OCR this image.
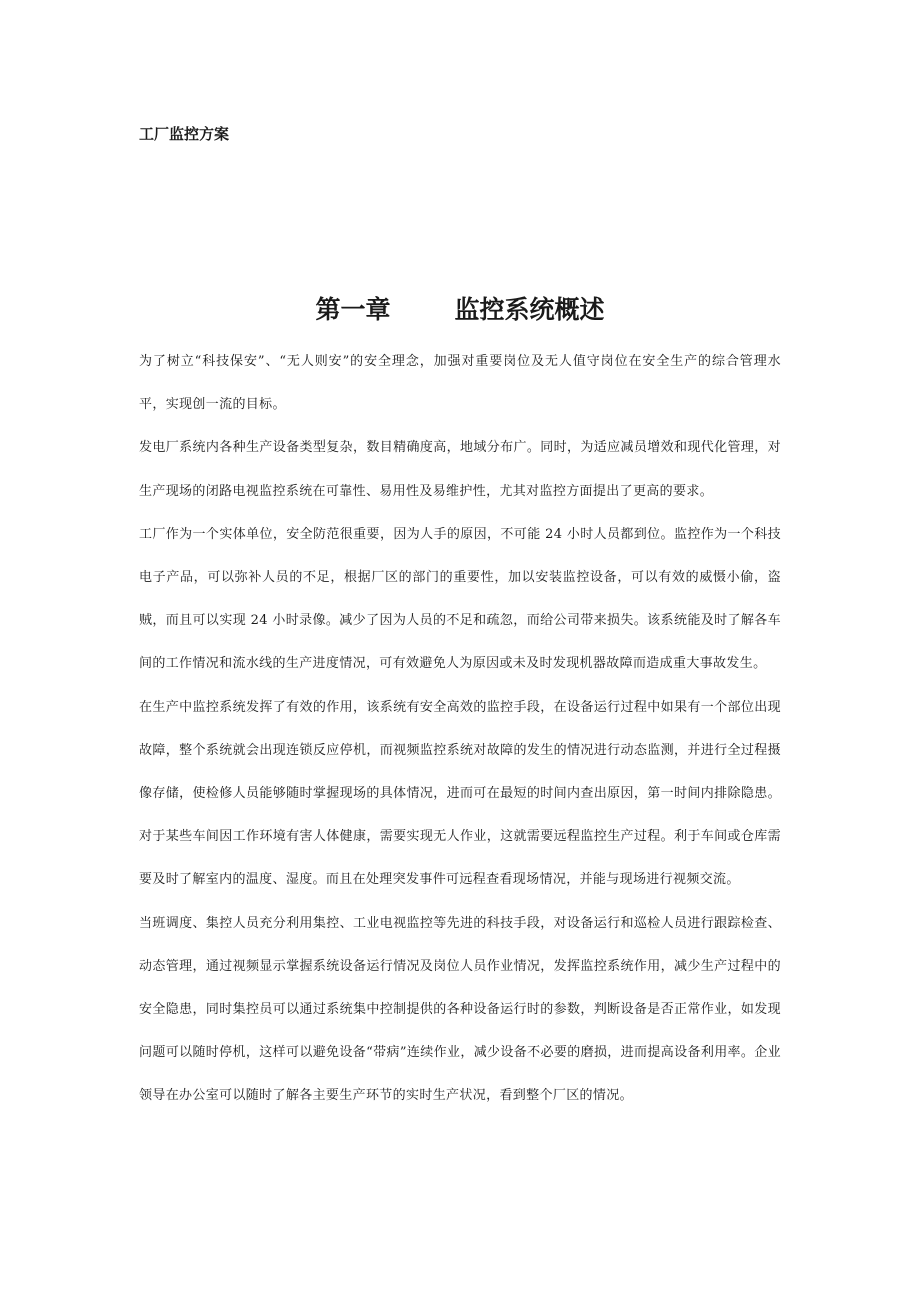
工厂监控方案
第一章	监控系统概述

为了树立“科技保安”、“无人则安”的安全理念，加强对重要岗位及无人值守岗位在安全生产的综合管理水平，实现创一流的目标。

发电厂系统内各种生产设备类型复杂，数目精确度高，地域分布广。同时，为适应减员增效和现代化管理，对生产现场的闭路电视监控系统在可靠性、易用性及易维护性，尤其对监控方面提出了更高的要求。

工厂作为一个实体单位，安全防范很重要，因为人手的原因，不可能 24 小时人员都到位。监控作为一个科技电子产品，可以弥补人员的不足，根据厂区的部门的重要性，加以安装监控设备，可以有效的威慑小偷，盗贼，而且可以实现 24 小时录像。减少了因为人员的不足和疏忽，而给公司带来损失。该系统能及时了解各车间的工作情况和流水线的生产进度情况，可有效避免人为原因或未及时发现机器故障而造成重大事故发生。

在生产中监控系统发挥了有效的作用，该系统有安全高效的监控手段，在设备运行过程中如果有一个部位出现故障，整个系统就会出现连锁反应停机，而视频监控系统对故障的发生的情况进行动态监测，并进行全过程摄像存储，使检修人员能够随时掌握现场的具体情况，进而可在最短的时间内查出原因，第一时间内排除隐患。对于某些车间因工作环境有害人体健康，需要实现无人作业，这就需要远程监控生产过程。利于车间或仓库需要及时了解室内的温度、湿度。而且在处理突发事件可远程查看现场情况，并能与现场进行视频交流。

当班调度、集控人员充分利用集控、工业电视监控等先进的科技手段，对设备运行和巡检人员进行跟踪检查、动态管理，通过视频显示掌握系统设备运行情况及岗位人员作业情况，发挥监控系统作用，减少生产过程中的安全隐患，同时集控员可以通过系统集中控制提供的各种设备运行时的参数，判断设备是否正常作业，如发现问题可以随时停机，这样可以避免设备“带病”连续作业，减少设备不必要的磨损，进而提高设备利用率。企业领导在办公室可以随时了解各主要生产环节的实时生产状况，看到整个厂区的情况。
